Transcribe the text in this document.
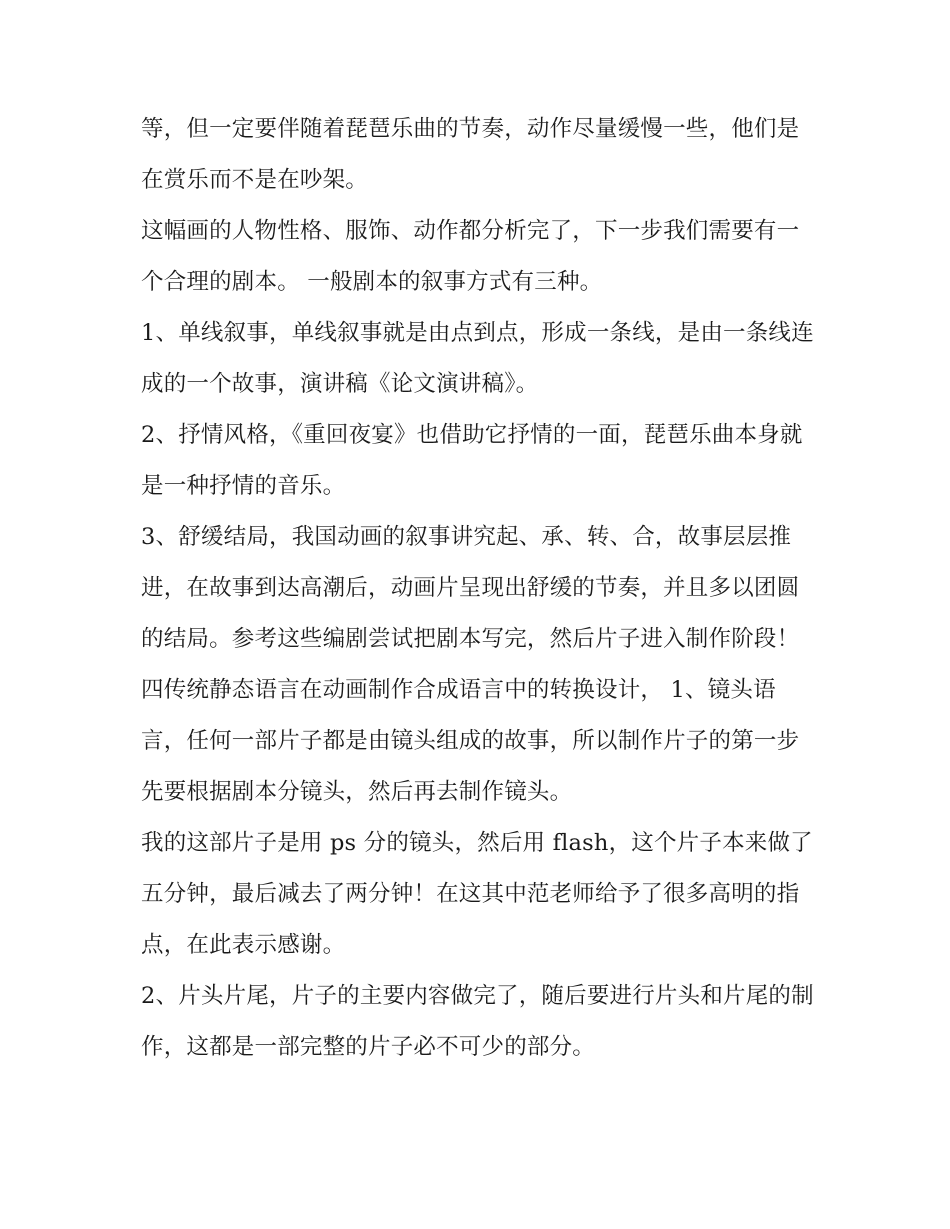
等，但一定要伴随着琵琶乐曲的节奏，动作尽量缓慢一些，他们是在赏乐而不是在吵架。

这幅画的人物性格、服饰、动作都分析完了，下一步我们需要有一个合理的剧本。 一般剧本的叙事方式有三种。

1、单线叙事，单线叙事就是由点到点，形成一条线，是由一条线连成的一个故事，演讲稿《论文演讲稿》。

2、抒情风格，《重回夜宴》也借助它抒情的一面，琵琶乐曲本身就是一种抒情的音乐。

3、舒缓结局，我国动画的叙事讲究起、承、转、合，故事层层推进，在故事到达高潮后，动画片呈现出舒缓的节奏，并且多以团圆的结局。参考这些编剧尝试把剧本写完，然后片子进入制作阶段！

四传统静态语言在动画制作合成语言中的转换设计， 1、镜头语言，任何一部片子都是由镜头组成的故事，所以制作片子的第一步先要根据剧本分镜头，然后再去制作镜头。

我的这部片子是用 ps 分的镜头，然后用 flash，这个片子本来做了五分钟，最后减去了两分钟！在这其中范老师给予了很多高明的指点，在此表示感谢。

2、片头片尾，片子的主要内容做完了，随后要进行片头和片尾的制作，这都是一部完整的片子必不可少的部分。
